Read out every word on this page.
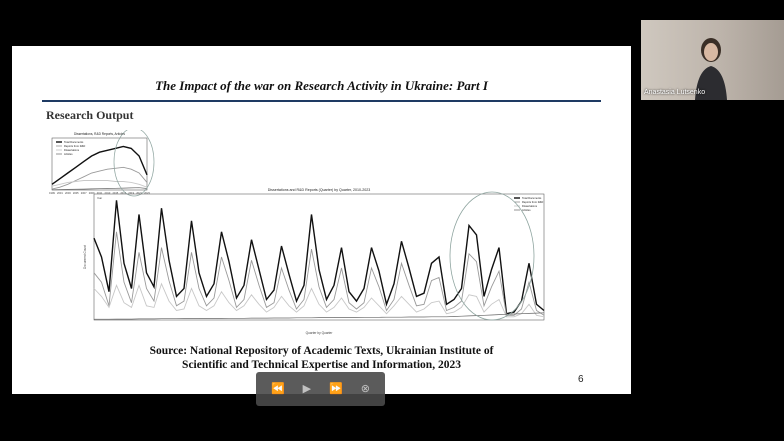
The Impact of the war on Research Activity in Ukraine: Part I
Research Output
Dissertations, R&D Reports, Articles
1999 2001 2003 2005 2007 2009 2011 2013 2015 2017 2019 2021 2023
Year
Total Documents
Reports from R&D
Dissertations
Articles
Dissertations and R&D Reports (Quarter) by Quarter, 2010-2023
Quarter by Quarter
Document Count
Total Documents
Reports from R&D
Dissertations
Articles
Source: National Repository of Academic Texts, Ukrainian Institute of
Scientific and Technical Expertise and Information, 2023
6
Anastasia Lutsenko
⏪ ▶ ⏩ ⊗
